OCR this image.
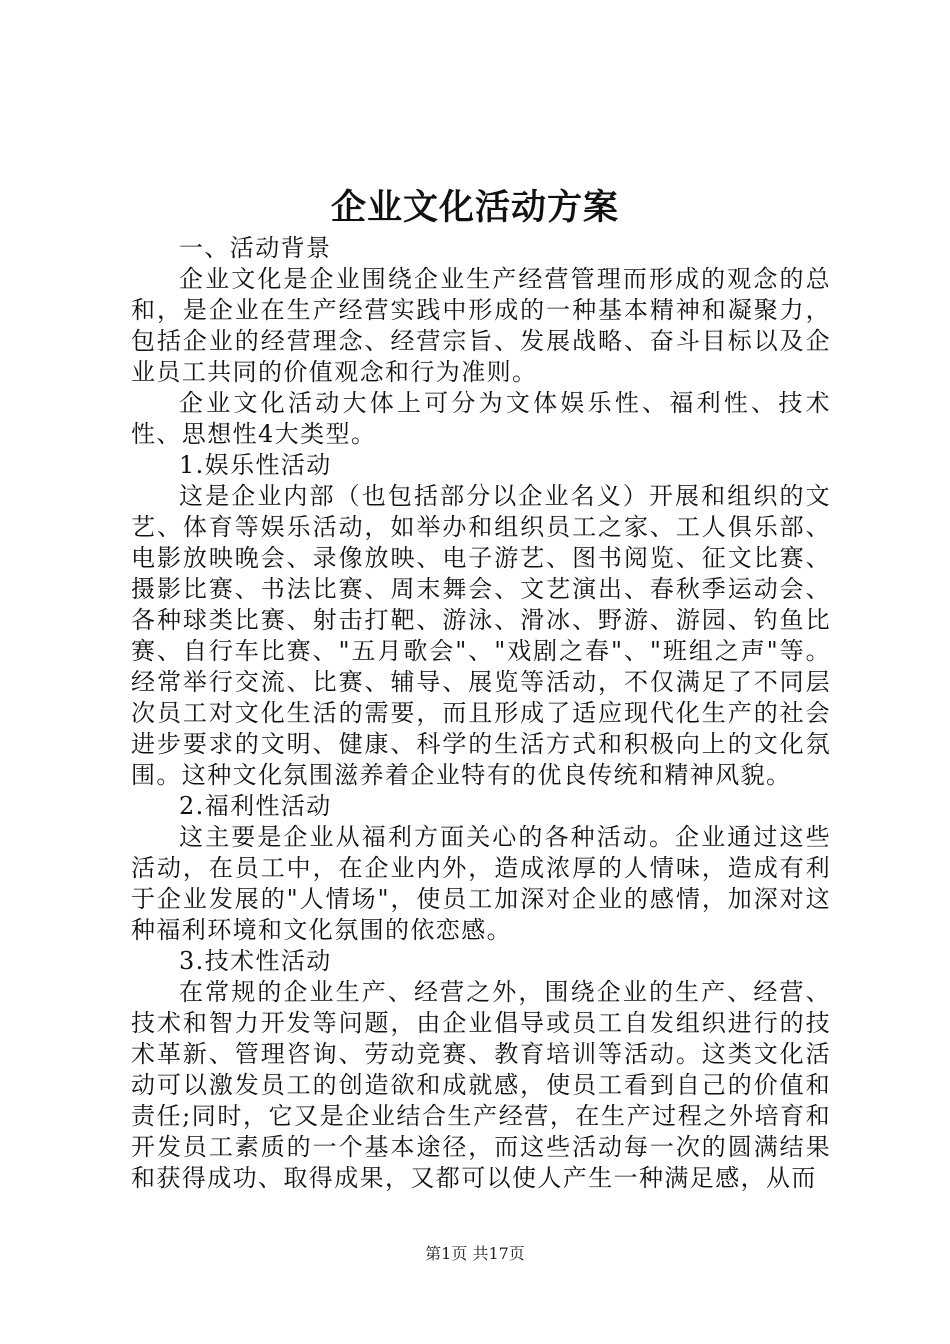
企业文化活动方案

一、活动背景

企业文化是企业围绕企业生产经营管理而形成的观念的总和，是企业在生产经营实践中形成的一种基本精神和凝聚力，包括企业的经营理念、经营宗旨、发展战略、奋斗目标以及企业员工共同的价值观念和行为准则。

企业文化活动大体上可分为文体娱乐性、福利性、技术性、思想性4大类型。

1.娱乐性活动

这是企业内部（也包括部分以企业名义）开展和组织的文艺、体育等娱乐活动，如举办和组织员工之家、工人俱乐部、电影放映晚会、录像放映、电子游艺、图书阅览、征文比赛、摄影比赛、书法比赛、周末舞会、文艺演出、春秋季运动会、各种球类比赛、射击打靶、游泳、滑冰、野游、游园、钓鱼比赛、自行车比赛、"五月歌会"、"戏剧之春"、"班组之声"等。经常举行交流、比赛、辅导、展览等活动，不仅满足了不同层次员工对文化生活的需要，而且形成了适应现代化生产的社会进步要求的文明、健康、科学的生活方式和积极向上的文化氛围。这种文化氛围滋养着企业特有的优良传统和精神风貌。

2.福利性活动

这主要是企业从福利方面关心的各种活动。企业通过这些活动，在员工中，在企业内外，造成浓厚的人情味，造成有利于企业发展的"人情场"，使员工加深对企业的感情，加深对这种福利环境和文化氛围的依恋感。

3.技术性活动

在常规的企业生产、经营之外，围绕企业的生产、经营、技术和智力开发等问题，由企业倡导或员工自发组织进行的技术革新、管理咨询、劳动竞赛、教育培训等活动。这类文化活动可以激发员工的创造欲和成就感，使员工看到自己的价值和责任;同时，它又是企业结合生产经营，在生产过程之外培育和开发员工素质的一个基本途径，而这些活动每一次的圆满结果和获得成功、取得成果，又都可以使人产生一种满足感，从而

第1页 共17页
